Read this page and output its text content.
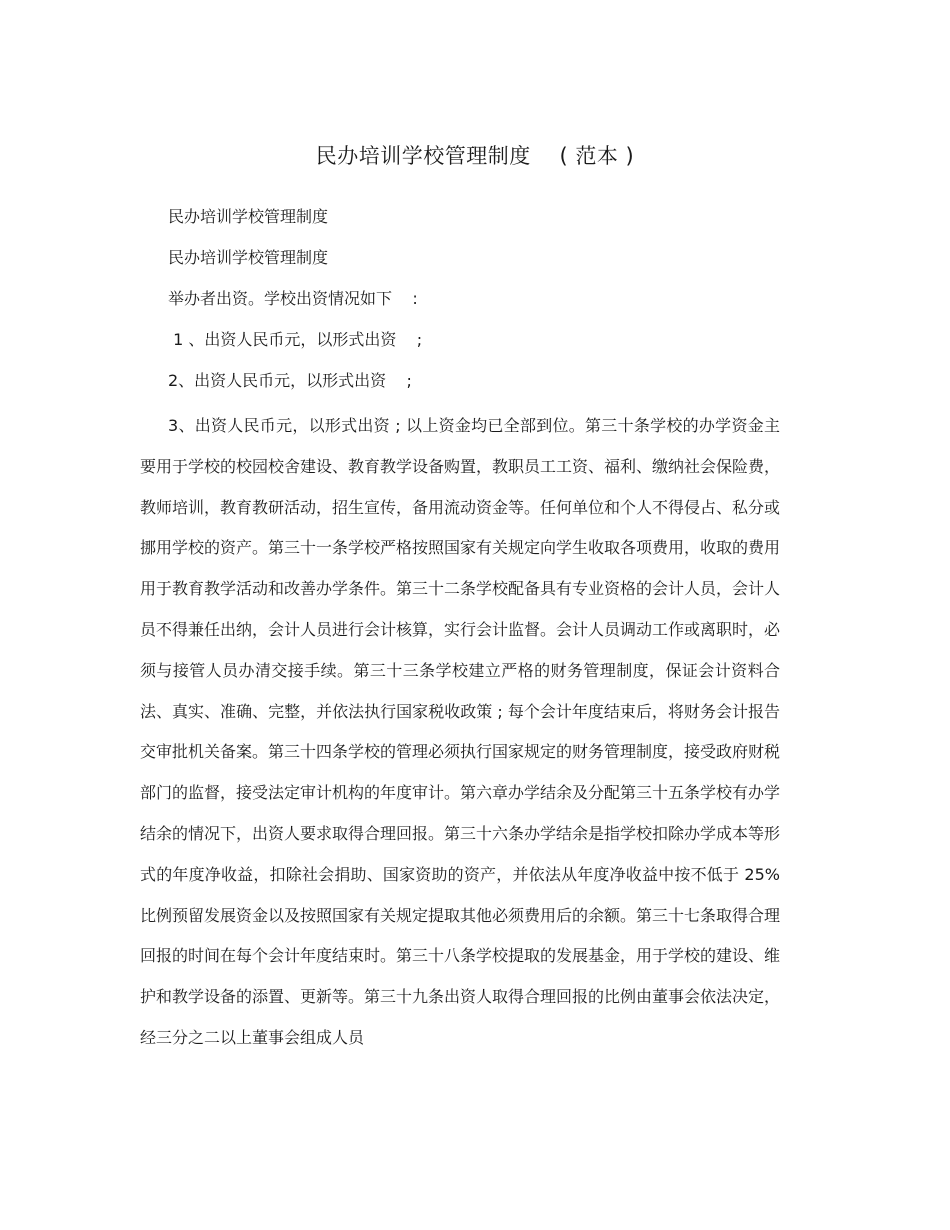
民办培训学校管理制度    ( 范本 )
民办培训学校管理制度
民办培训学校管理制度
举办者出资。学校出资情况如下    :
1 、出资人民币元，以形式出资    ;
2、出资人民币元，以形式出资    ;
3、出资人民币元，以形式出资 ; 以上资金均已全部到位。第三十条学校的办学资金主要用于学校的校园校舍建设、教育教学设备购置，教职员工工资、福利、缴纳社会保险费，教师培训，教育教研活动，招生宣传，备用流动资金等。任何单位和个人不得侵占、私分或挪用学校的资产。第三十一条学校严格按照国家有关规定向学生收取各项费用，收取的费用用于教育教学活动和改善办学条件。第三十二条学校配备具有专业资格的会计人员，会计人员不得兼任出纳，会计人员进行会计核算，实行会计监督。会计人员调动工作或离职时，必须与接管人员办清交接手续。第三十三条学校建立严格的财务管理制度，保证会计资料合法、真实、准确、完整，并依法执行国家税收政策 ; 每个会计年度结束后，将财务会计报告交审批机关备案。第三十四条学校的管理必须执行国家规定的财务管理制度，接受政府财税部门的监督，接受法定审计机构的年度审计。第六章办学结余及分配第三十五条学校有办学结余的情况下，出资人要求取得合理回报。第三十六条办学结余是指学校扣除办学成本等形式的年度净收益，扣除社会捐助、国家资助的资产，并依法从年度净收益中按不低于 25%比例预留发展资金以及按照国家有关规定提取其他必须费用后的余额。第三十七条取得合理回报的时间在每个会计年度结束时。第三十八条学校提取的发展基金，用于学校的建设、维护和教学设备的添置、更新等。第三十九条出资人取得合理回报的比例由董事会依法决定，经三分之二以上董事会组成人员
